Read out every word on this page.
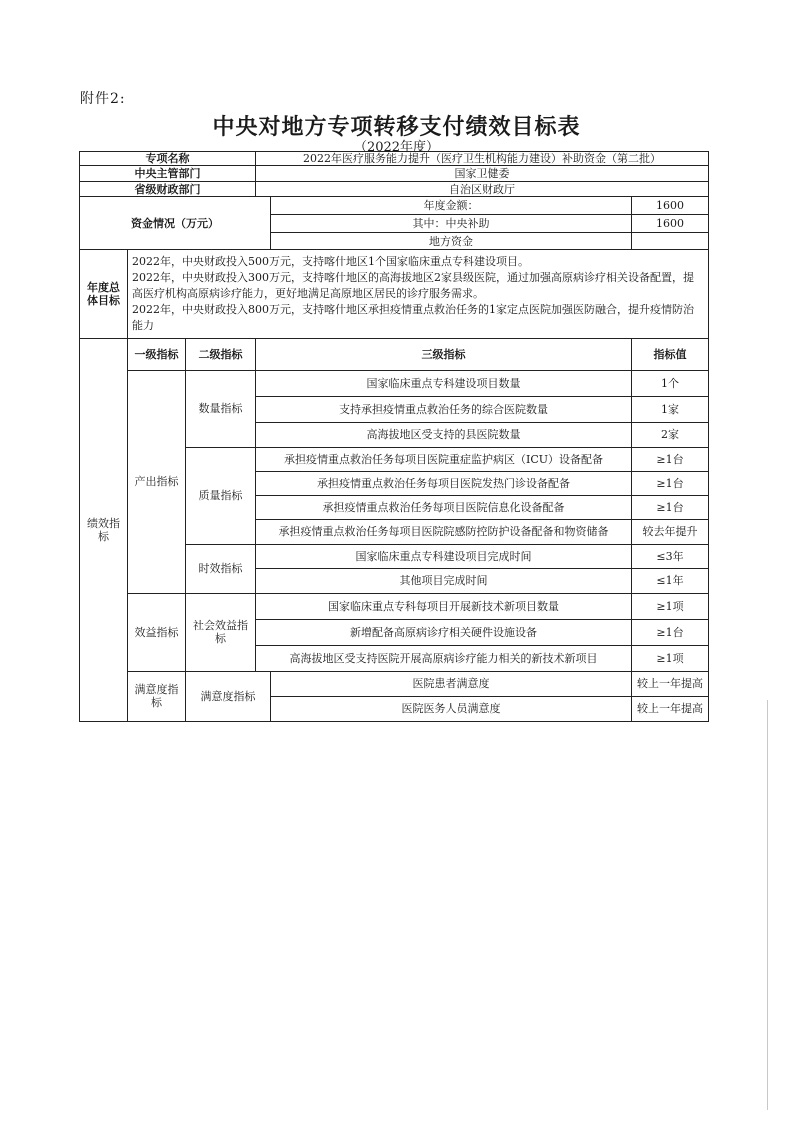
附件2:
中央对地方专项转移支付绩效目标表
（2022年度）
专项名称			2022年医疗服务能力提升（医疗卫生机构能力建设）补助资金（第二批）		
中央主管部门			国家卫健委		
省级财政部门			自治区财政厅		
资金情况（万元）				年度金额：	1600
				其中：中央补助	1600
				地方资金	
年度总体目标	2022年，中央财政投入500万元，支持喀什地区1个国家临床重点专科建设项目。
2022年，中央财政投入300万元，支持喀什地区的高海拔地区2家县级医院，通过加强高原病诊疗相关设备配置，提高医疗机构高原病诊疗能力，更好地满足高原地区居民的诊疗服务需求。
2022年，中央财政投入800万元，支持喀什地区承担疫情重点救治任务的1家定点医院加强医防融合，提升疫情防治能力				

绩效指标	一级指标	二级指标	三级指标		指标值
	产出指标	数量指标	国家临床重点专科建设项目数量		1个
			支持承担疫情重点救治任务的综合医院数量		1家
			高海拔地区受支持的县医院数量		2家
		质量指标	承担疫情重点救治任务每项目医院重症监护病区（ICU）设备配备		≥1台
			承担疫情重点救治任务每项目医院发热门诊设备配备		≥1台
			承担疫情重点救治任务每项目医院信息化设备配备		≥1台
			承担疫情重点救治任务每项目医院院感防控防护设备配备和物资储备		较去年提升
		时效指标	国家临床重点专科建设项目完成时间		≤3年
			其他项目完成时间		≤1年
	效益指标	社会效益指标	国家临床重点专科每项目开展新技术新项目数量		≥1项
			新增配备高原病诊疗相关硬件设施设备		≥1台
			高海拔地区受支持医院开展高原病诊疗能力相关的新技术新项目		≥1项
	满意度指标	满意度指标		医院患者满意度	较上一年提高
				医院医务人员满意度	较上一年提高
